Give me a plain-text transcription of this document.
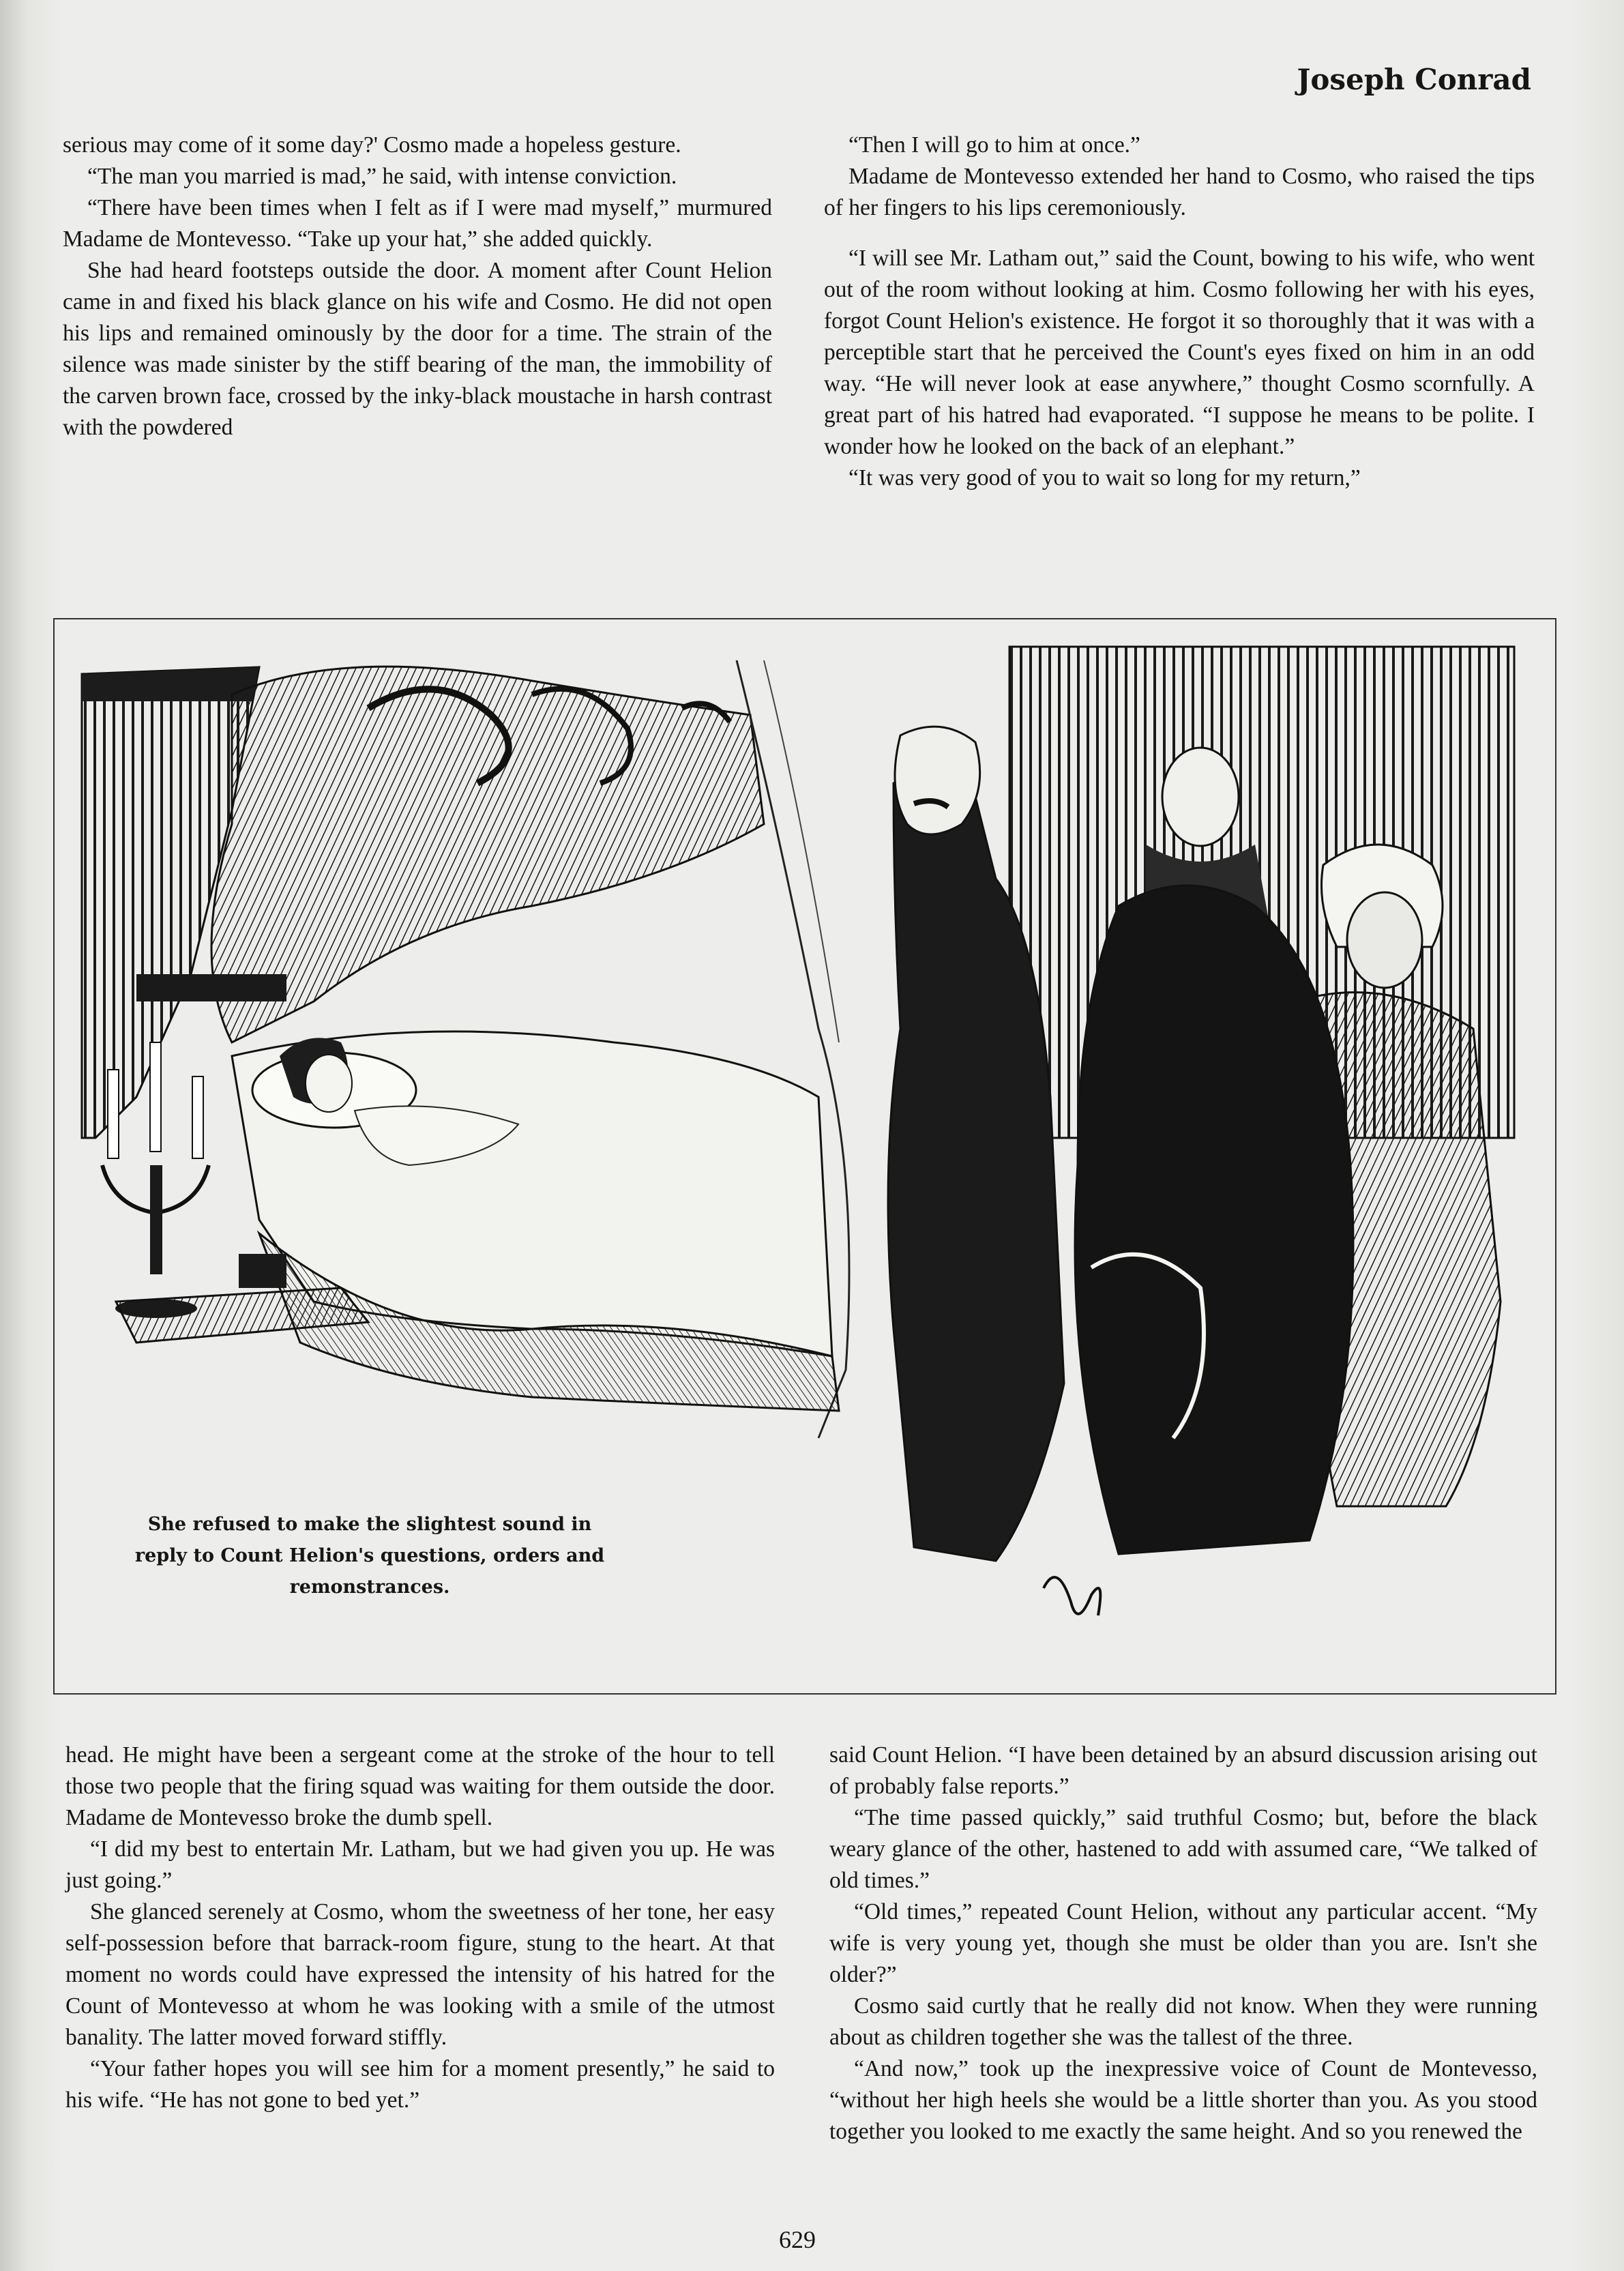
Joseph Conrad

serious may come of it some day?' Cosmo made a hopeless gesture.

“The man you married is mad,” he said, with intense conviction.

“There have been times when I felt as if I were mad myself,” murmured Madame de Montevesso. “Take up your hat,” she added quickly.

She had heard footsteps outside the door. A moment after Count Helion came in and fixed his black glance on his wife and Cosmo. He did not open his lips and remained ominously by the door for a time. The strain of the silence was made sinister by the stiff bearing of the man, the immobility of the carven brown face, crossed by the inky-black moustache in harsh contrast with the powdered

“Then I will go to him at once.”

Madame de Montevesso extended her hand to Cosmo, who raised the tips of her fingers to his lips ceremoniously.

“I will see Mr. Latham out,” said the Count, bowing to his wife, who went out of the room without looking at him. Cosmo following her with his eyes, forgot Count Helion's existence. He forgot it so thoroughly that it was with a perceptible start that he perceived the Count's eyes fixed on him in an odd way. “He will never look at ease anywhere,” thought Cosmo scornfully. A great part of his hatred had evaporated. “I suppose he means to be polite. I wonder how he looked on the back of an elephant.”

“It was very good of you to wait so long for my return,”

She refused to make the slightest sound in reply to Count Helion's questions, orders and remonstrances.

head. He might have been a sergeant come at the stroke of the hour to tell those two people that the firing squad was waiting for them outside the door. Madame de Montevesso broke the dumb spell.

“I did my best to entertain Mr. Latham, but we had given you up. He was just going.”

She glanced serenely at Cosmo, whom the sweetness of her tone, her easy self-possession before that barrack-room figure, stung to the heart. At that moment no words could have expressed the intensity of his hatred for the Count of Montevesso at whom he was looking with a smile of the utmost banality. The latter moved forward stiffly.

“Your father hopes you will see him for a moment presently,” he said to his wife. “He has not gone to bed yet.”

said Count Helion. “I have been detained by an absurd discussion arising out of probably false reports.”

“The time passed quickly,” said truthful Cosmo; but, before the black weary glance of the other, hastened to add with assumed care, “We talked of old times.”

“Old times,” repeated Count Helion, without any particular accent. “My wife is very young yet, though she must be older than you are. Isn't she older?”

Cosmo said curtly that he really did not know. When they were running about as children together she was the tallest of the three.

“And now,” took up the inexpressive voice of Count de Montevesso, “without her high heels she would be a little shorter than you. As you stood together you looked to me exactly the same height. And so you renewed the

629
